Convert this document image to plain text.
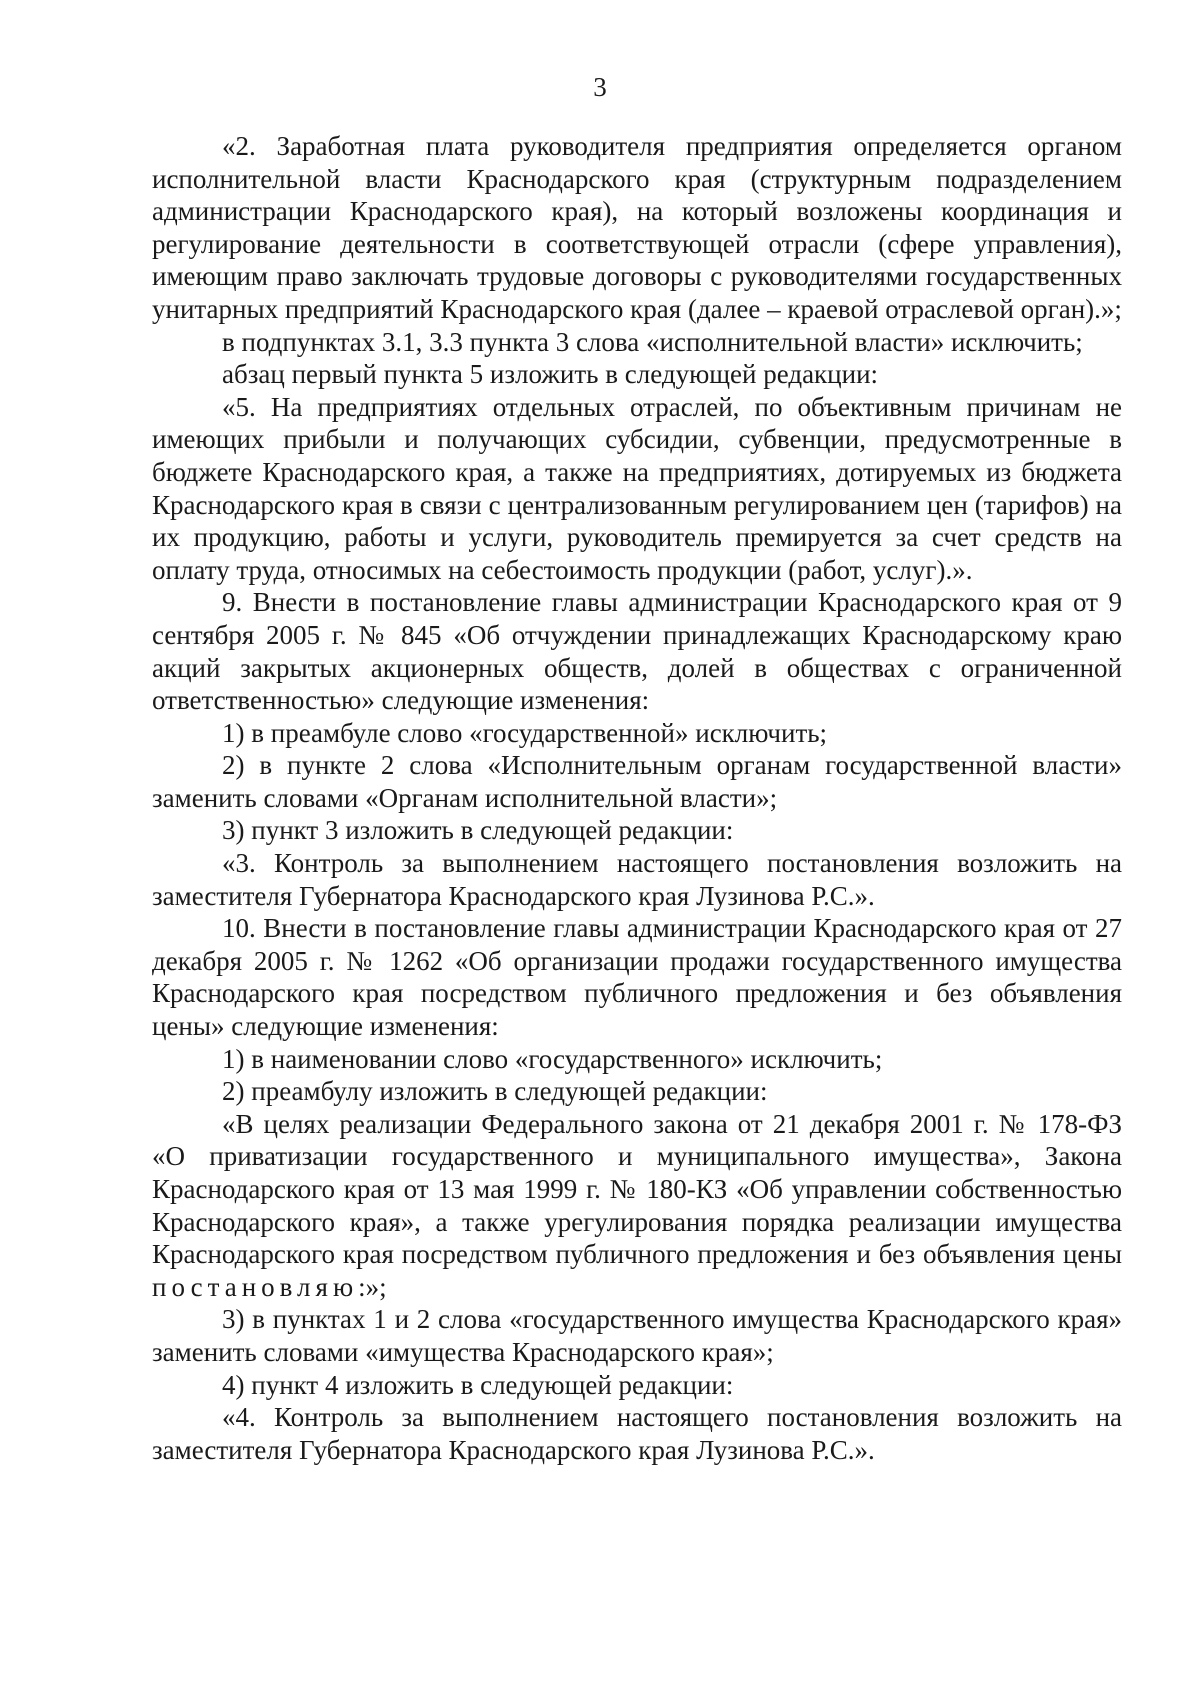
3

«2. Заработная плата руководителя предприятия определяется органом исполнительной власти Краснодарского края (структурным подразделением администрации Краснодарского края), на который возложены координация и регулирование деятельности в соответствующей отрасли (сфере управления), имеющим право заключать трудовые договоры с руководителями государственных унитарных предприятий Краснодарского края (далее – краевой отраслевой орган).»;

в подпунктах 3.1, 3.3 пункта 3 слова «исполнительной власти» исключить;

абзац первый пункта 5 изложить в следующей редакции:

«5. На предприятиях отдельных отраслей, по объективным причинам не имеющих прибыли и получающих субсидии, субвенции, предусмотренные в бюджете Краснодарского края, а также на предприятиях, дотируемых из бюджета Краснодарского края в связи с централизованным регулированием цен (тарифов) на их продукцию, работы и услуги, руководитель премируется за счет средств на оплату труда, относимых на себестоимость продукции (работ, услуг).».

9. Внести в постановление главы администрации Краснодарского края от 9 сентября 2005 г. № 845 «Об отчуждении принадлежащих Краснодарскому краю акций закрытых акционерных обществ, долей в обществах с ограниченной ответственностью» следующие изменения:

1) в преамбуле слово «государственной» исключить;

2) в пункте 2 слова «Исполнительным органам государственной власти» заменить словами «Органам исполнительной власти»;

3) пункт 3 изложить в следующей редакции:

«3. Контроль за выполнением настоящего постановления возложить на заместителя Губернатора Краснодарского края Лузинова Р.С.».

10. Внести в постановление главы администрации Краснодарского края от 27 декабря 2005 г. № 1262 «Об организации продажи государственного имущества Краснодарского края посредством публичного предложения и без объявления цены» следующие изменения:

1) в наименовании слово «государственного» исключить;

2) преамбулу изложить в следующей редакции:

«В целях реализации Федерального закона от 21 декабря 2001 г. № 178-ФЗ «О приватизации государственного и муниципального имущества», Закона Краснодарского края от 13 мая 1999 г. № 180-КЗ «Об управлении собственностью Краснодарского края», а также урегулирования порядка реализации имущества Краснодарского края посредством публичного предложения и без объявления цены постановляю:»;

3) в пунктах 1 и 2 слова «государственного имущества Краснодарского края» заменить словами «имущества Краснодарского края»;

4) пункт 4 изложить в следующей редакции:

«4. Контроль за выполнением настоящего постановления возложить на заместителя Губернатора Краснодарского края Лузинова Р.С.».
